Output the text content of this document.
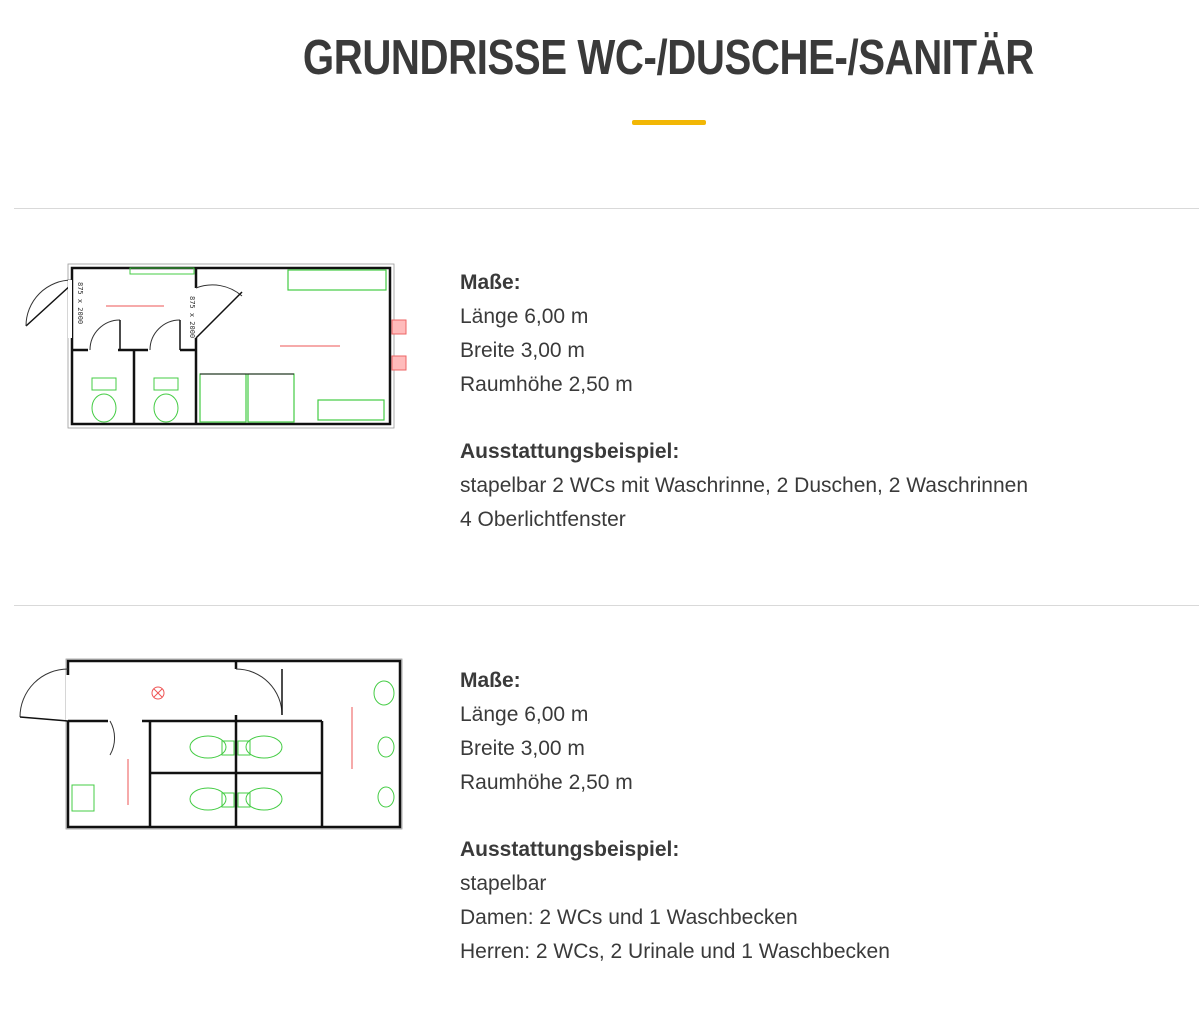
GRUNDRISSE WC-/DUSCHE-/SANITÄR
875 x 2000	875 x 2000
Maße:
Länge 6,00 m
Breite 3,00 m
Raumhöhe 2,50 m
Ausstattungsbeispiel:
stapelbar 2 WCs mit Waschrinne, 2 Duschen, 2 Waschrinnen
4 Oberlichtfenster
Maße:
Länge 6,00 m
Breite 3,00 m
Raumhöhe 2,50 m
Ausstattungsbeispiel:
stapelbar
Damen: 2 WCs und 1 Waschbecken
Herren: 2 WCs, 2 Urinale und 1 Waschbecken
